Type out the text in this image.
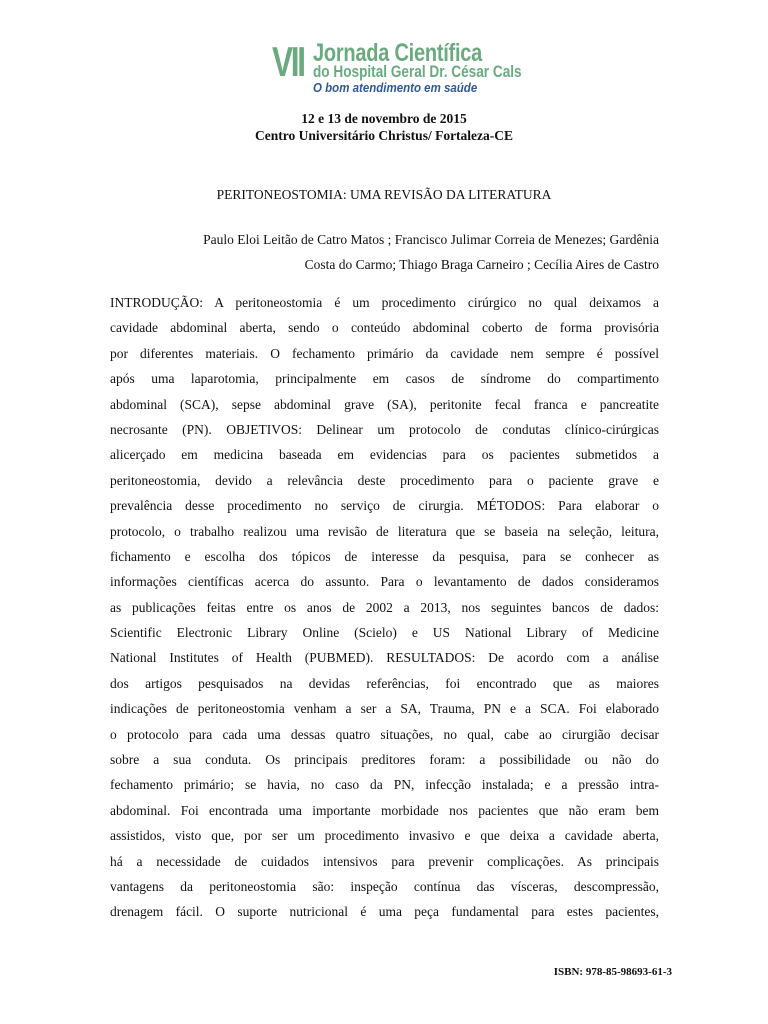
VII Jornada Científica
do Hospital Geral Dr. César Cals
O bom atendimento em saúde
12 e 13 de novembro de 2015
Centro Universitário Christus/ Fortaleza-CE
PERITONEOSTOMIA: UMA REVISÃO DA LITERATURA
Paulo Eloi Leitão de Catro Matos ; Francisco Julimar Correia de Menezes; Gardênia
Costa do Carmo; Thiago Braga Carneiro ; Cecília Aires de Castro
INTRODUÇÃO: A peritoneostomia é um procedimento cirúrgico no qual deixamos a
cavidade abdominal aberta, sendo o conteúdo abdominal coberto de forma provisória
por diferentes materiais. O fechamento primário da cavidade nem sempre é possível
após uma laparotomia, principalmente em casos de síndrome do compartimento
abdominal (SCA), sepse abdominal grave (SA), peritonite fecal franca e pancreatite
necrosante (PN). OBJETIVOS: Delinear um protocolo de condutas clínico-cirúrgicas
alicerçado em medicina baseada em evidencias para os pacientes submetidos a
peritoneostomia, devido a relevância deste procedimento para o paciente grave e
prevalência desse procedimento no serviço de cirurgia. MÉTODOS: Para elaborar o
protocolo, o trabalho realizou uma revisão de literatura que se baseia na seleção, leitura,
fichamento e escolha dos tópicos de interesse da pesquisa, para se conhecer as
informações científicas acerca do assunto. Para o levantamento de dados consideramos
as publicações feitas entre os anos de 2002 a 2013, nos seguintes bancos de dados:
Scientific Electronic Library Online (Scielo) e US National Library of Medicine
National Institutes of Health (PUBMED). RESULTADOS: De acordo com a análise
dos artigos pesquisados na devidas referências, foi encontrado que as maiores
indicações de peritoneostomia venham a ser a SA, Trauma, PN e a SCA. Foi elaborado
o protocolo para cada uma dessas quatro situações, no qual, cabe ao cirurgião decisar
sobre a sua conduta. Os principais preditores foram: a possibilidade ou não do
fechamento primário; se havia, no caso da PN, infecção instalada; e a pressão intra-
abdominal. Foi encontrada uma importante morbidade nos pacientes que não eram bem
assistidos, visto que, por ser um procedimento invasivo e que deixa a cavidade aberta,
há a necessidade de cuidados intensivos para prevenir complicações. As principais
vantagens da peritoneostomia são: inspeção contínua das vísceras, descompressão,
drenagem fácil. O suporte nutricional é uma peça fundamental para estes pacientes,
ISBN: 978-85-98693-61-3
